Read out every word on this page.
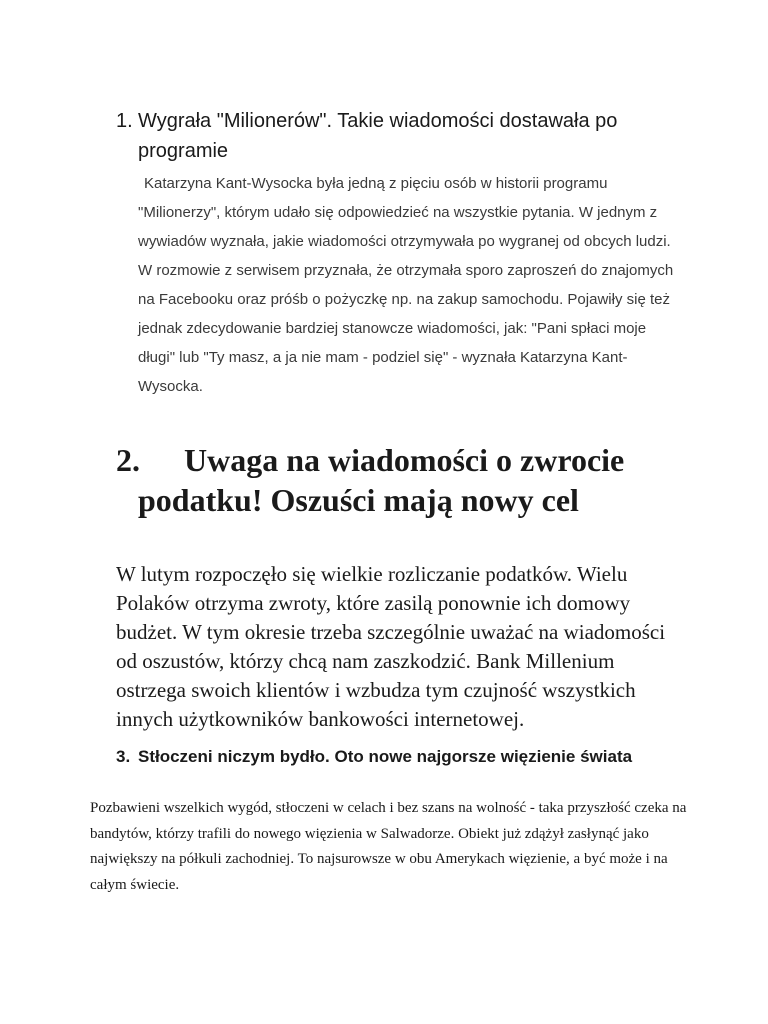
1. Wygrała "Milionerów". Takie wiadomości dostawała po programie
Katarzyna Kant-Wysocka była jedną z pięciu osób w historii programu "Milionerzy", którym udało się odpowiedzieć na wszystkie pytania. W jednym z wywiadów wyznała, jakie wiadomości otrzymywała po wygranej od obcych ludzi. W rozmowie z serwisem przyznała, że otrzymała sporo zaproszeń do znajomych na Facebooku oraz próśb o pożyczkę np. na zakup samochodu. Pojawiły się też jednak zdecydowanie bardziej stanowcze wiadomości, jak: "Pani spłaci moje długi" lub "Ty masz, a ja nie mam - podziel się" - wyznała Katarzyna Kant-Wysocka.
2.	Uwaga na wiadomości o zwrocie podatku! Oszuści mają nowy cel
W lutym rozpoczęło się wielkie rozliczanie podatków. Wielu Polaków otrzyma zwroty, które zasilą ponownie ich domowy budżet. W tym okresie trzeba szczególnie uważać na wiadomości od oszustów, którzy chcą nam zaszkodzić. Bank Millenium ostrzega swoich klientów i wzbudza tym czujność wszystkich innych użytkowników bankowości internetowej.
3. Stłoczeni niczym bydło. Oto nowe najgorsze więzienie świata
Pozbawieni wszelkich wygód, stłoczeni w celach i bez szans na wolność - taka przyszłość czeka na bandytów, którzy trafili do nowego więzienia w Salwadorze. Obiekt już zdążył zasłynąć jako największy na półkuli zachodniej. To najsurowsze w obu Amerykach więzienie, a być może i na całym świecie.
